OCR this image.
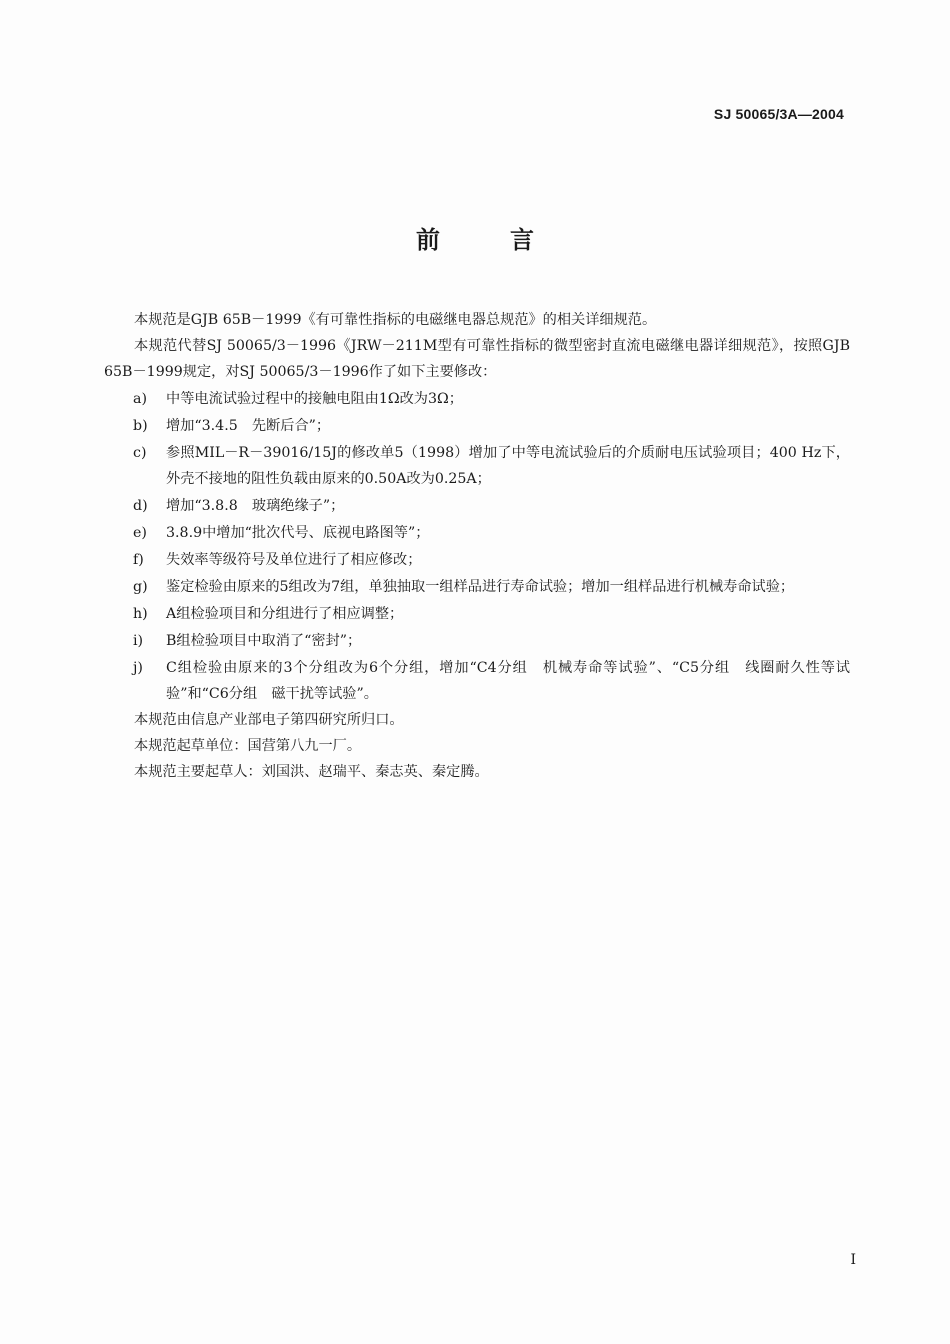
SJ 50065/3A—2004
前言

本规范是GJB 65B－1999《有可靠性指标的电磁继电器总规范》的相关详细规范。

本规范代替SJ 50065/3－1996《JRW－211M型有可靠性指标的微型密封直流电磁继电器详细规范》，按照GJB 65B－1999规定，对SJ 50065/3－1996作了如下主要修改：

a)	中等电流试验过程中的接触电阻由1Ω改为3Ω；
b)	增加“3.4.5　先断后合”；
c)	参照MIL－R－39016/15J的修改单5（1998）增加了中等电流试验后的介质耐电压试验项目；400 Hz下，外壳不接地的阻性负载由原来的0.50A改为0.25A；
d)	增加“3.8.8　玻璃绝缘子”；
e)	3.8.9中增加“批次代号、底视电路图等”；
f)	失效率等级符号及单位进行了相应修改；
g)	鉴定检验由原来的5组改为7组，单独抽取一组样品进行寿命试验；增加一组样品进行机械寿命试验；
h)	A组检验项目和分组进行了相应调整；
i)	B组检验项目中取消了“密封”；
j)	C组检验由原来的3个分组改为6个分组，增加“C4分组　机械寿命等试验”、“C5分组　线圈耐久性等试验”和“C6分组　磁干扰等试验”。

本规范由信息产业部电子第四研究所归口。

本规范起草单位：国营第八九一厂。

本规范主要起草人：刘国洪、赵瑞平、秦志英、秦定腾。

I
